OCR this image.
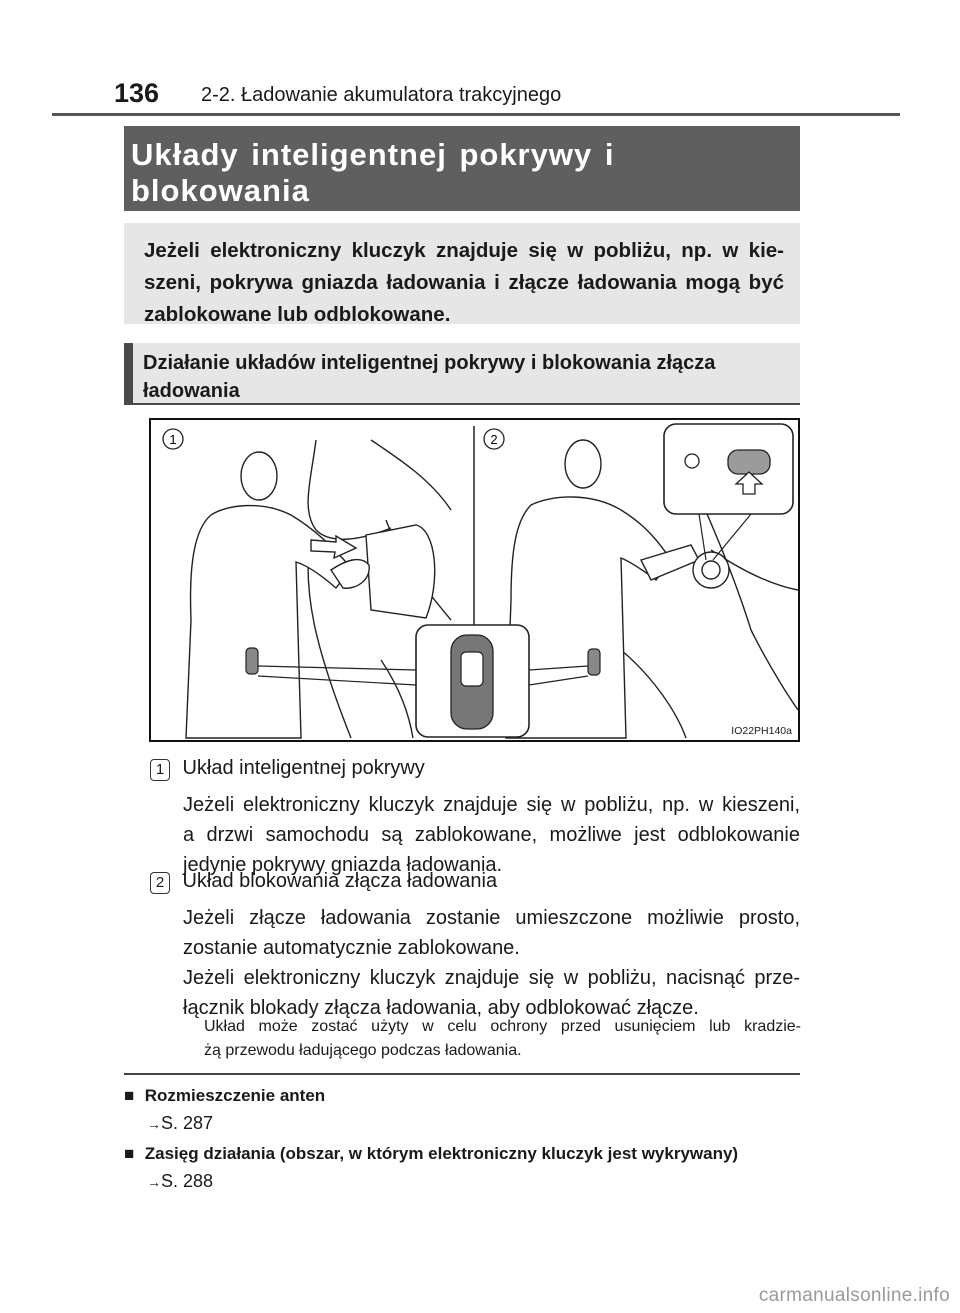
136 2-2. Ładowanie akumulatora trakcyjnego
Układy inteligentnej pokrywy i blokowania
Jeżeli elektroniczny kluczyk znajduje się w pobliżu, np. w kie-
szeni, pokrywa gniazda ładowania i złącze ładowania mogą być
zablokowane lub odblokowane.
Działanie układów inteligentnej pokrywy i blokowania złącza
ładowania
1	2
IO22PH140a
1 Układ inteligentnej pokrywy
Jeżeli elektroniczny kluczyk znajduje się w pobliżu, np. w kieszeni,
a drzwi samochodu są zablokowane, możliwe jest odblokowanie
jedynie pokrywy gniazda ładowania.
2 Układ blokowania złącza ładowania
Jeżeli złącze ładowania zostanie umieszczone możliwie prosto,
zostanie automatycznie zablokowane.
Jeżeli elektroniczny kluczyk znajduje się w pobliżu, nacisnąć prze-
łącznik blokady złącza ładowania, aby odblokować złącze.
Układ może zostać użyty w celu ochrony przed usunięciem lub kradzie-
żą przewodu ładującego podczas ładowania.
■ Rozmieszczenie anten
→S. 287
■ Zasięg działania (obszar, w którym elektroniczny kluczyk jest wykrywany)
→S. 288
carmanualsonline.info
